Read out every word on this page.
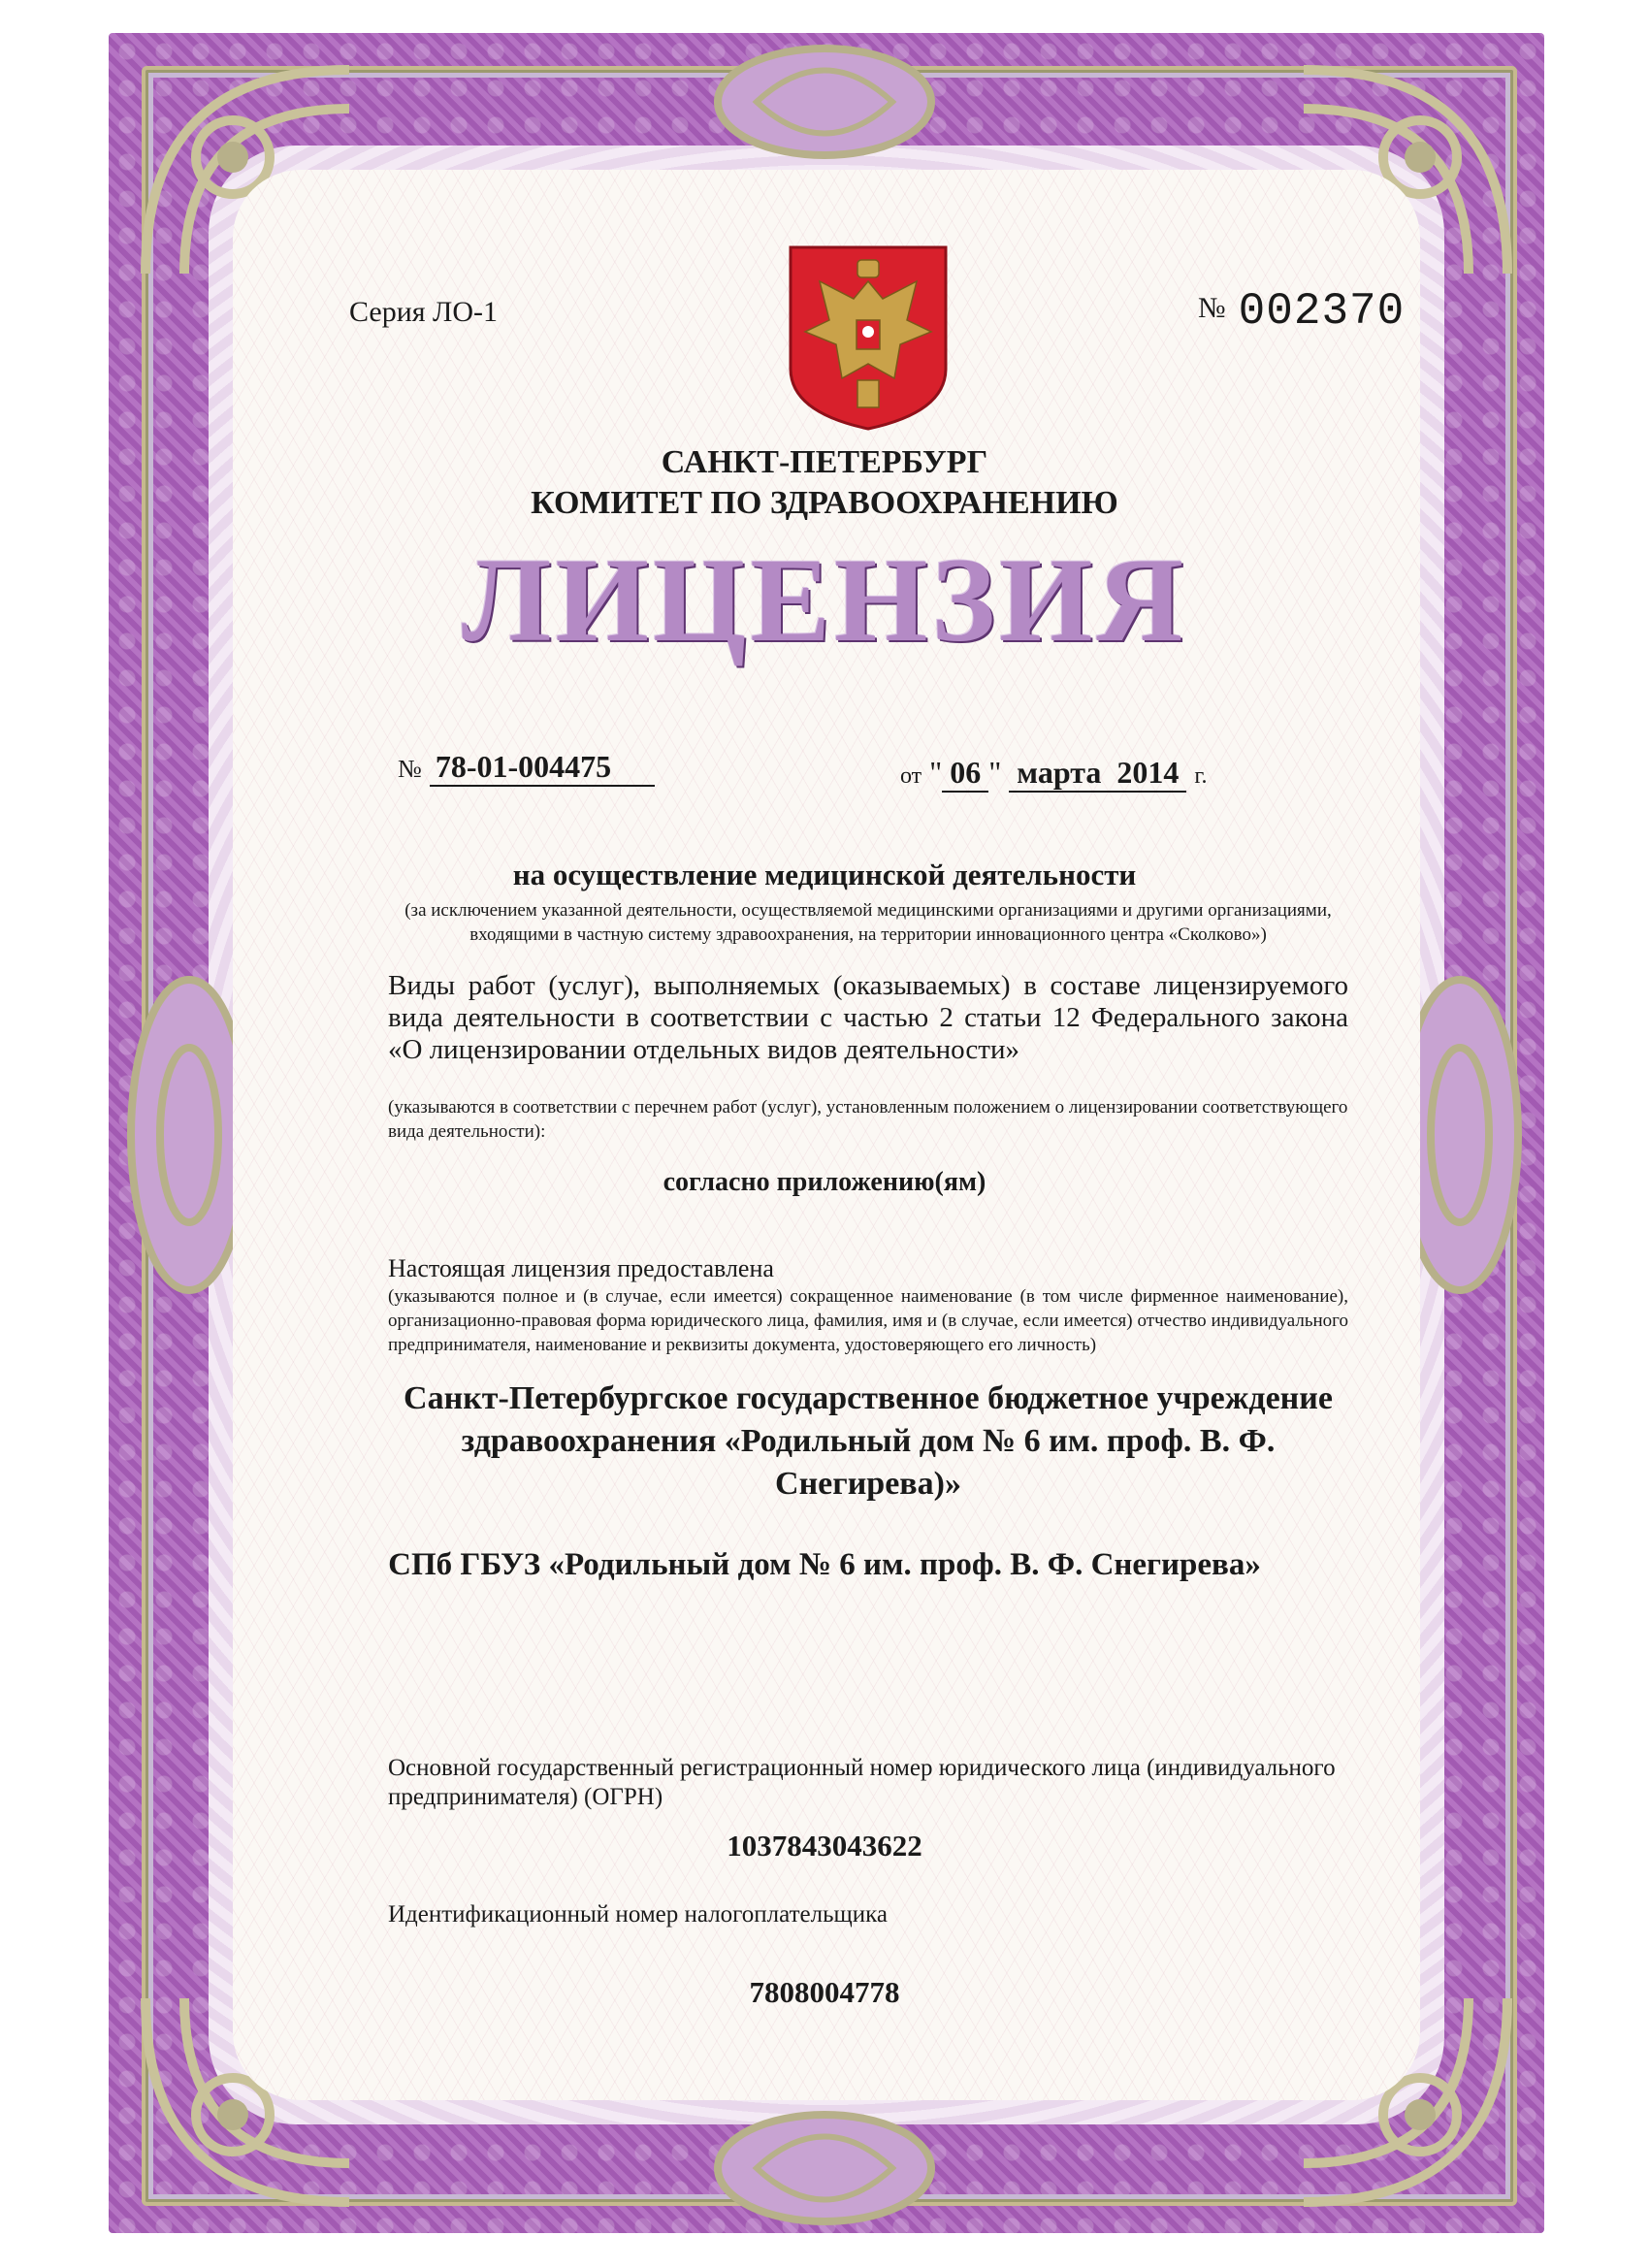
Серия ЛО-1	№ 002370
САНКТ-ПЕТЕРБУРГ
КОМИТЕТ ПО ЗДРАВООХРАНЕНИЮ
ЛИЦЕНЗИЯ
№ 78-01-004475	от " 06 " марта 2014 г.
на осуществление медицинской деятельности
(за исключением указанной деятельности, осуществляемой медицинскими организациями и другими организациями, входящими в частную систему здравоохранения, на территории инновационного центра «Сколково»)
Виды работ (услуг), выполняемых (оказываемых) в составе лицензируемого вида деятельности в соответствии с частью 2 статьи 12 Федерального закона «О лицензировании отдельных видов деятельности»
(указываются в соответствии с перечнем работ (услуг), установленным положением о лицензировании соответствующего вида деятельности):
согласно приложению(ям)
Настоящая лицензия предоставлена
(указываются полное и (в случае, если имеется) сокращенное наименование (в том числе фирменное наименование), организационно-правовая форма юридического лица, фамилия, имя и (в случае, если имеется) отчество индивидуального предпринимателя, наименование и реквизиты документа, удостоверяющего его личность)
Санкт-Петербургское государственное бюджетное учреждение здравоохранения «Родильный дом № 6 им. проф. В. Ф. Снегирева)»
СПб ГБУЗ «Родильный дом № 6 им. проф. В. Ф. Снегирева»
Основной государственный регистрационный номер юридического лица (индивидуального предпринимателя) (ОГРН)
1037843043622
Идентификационный номер налогоплательщика
7808004778
